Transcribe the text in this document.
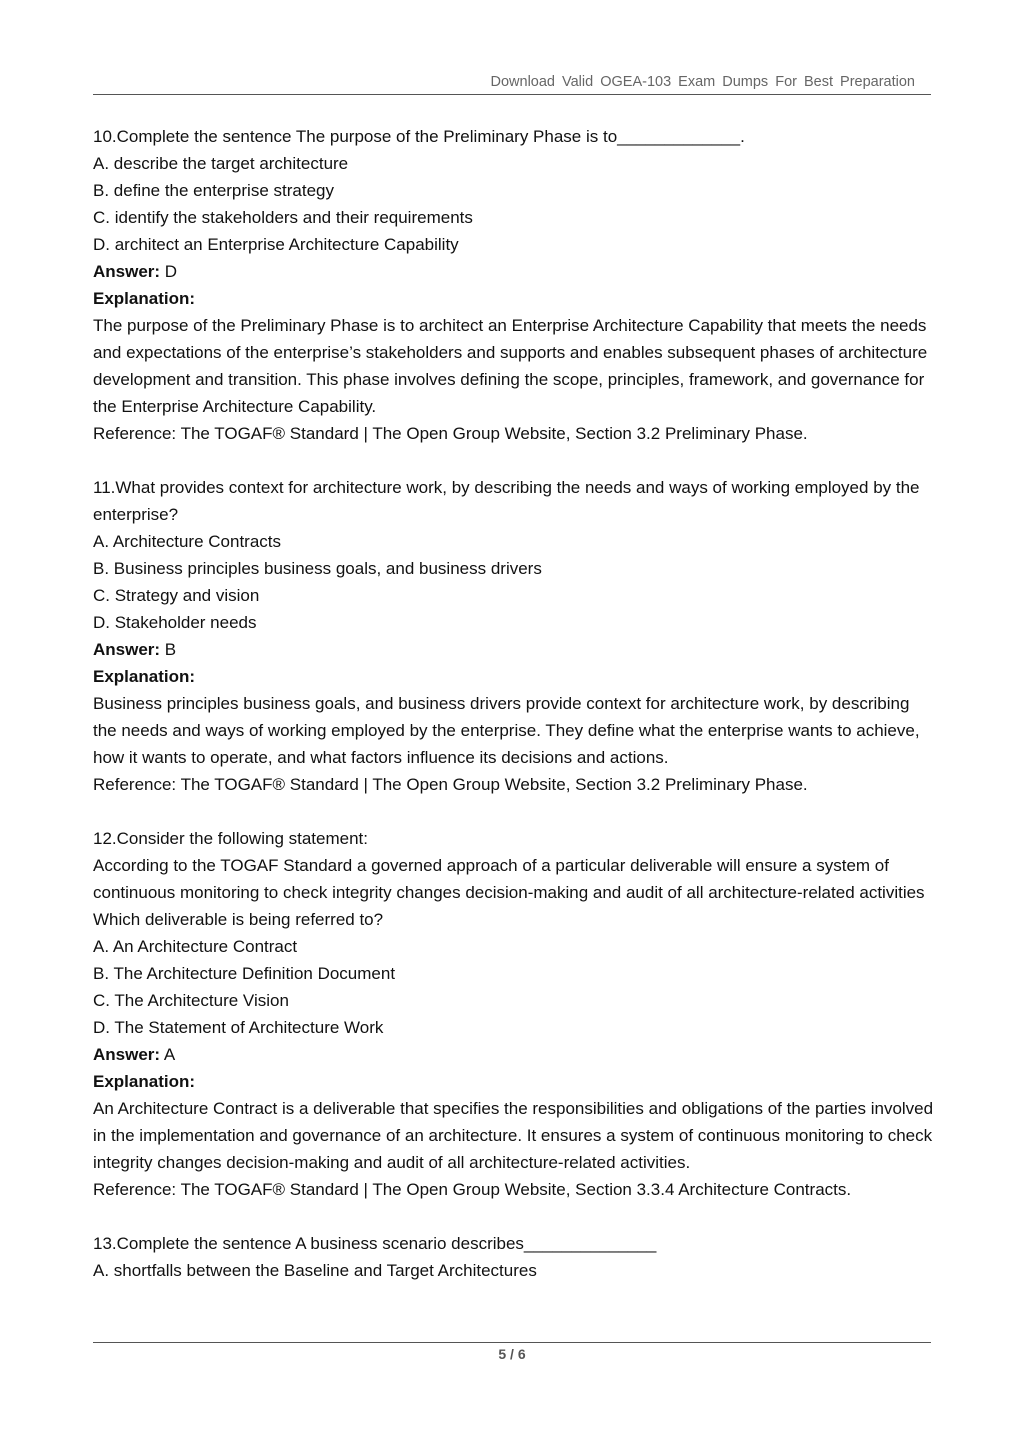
Download Valid OGEA-103 Exam Dumps For Best Preparation

10.Complete the sentence The purpose of the Preliminary Phase is to_____________.

A. describe the target architecture

B. define the enterprise strategy

C. identify the stakeholders and their requirements

D. architect an Enterprise Architecture Capability

Answer: D

Explanation:

The purpose of the Preliminary Phase is to architect an Enterprise Architecture Capability that meets the needs and expectations of the enterprise’s stakeholders and supports and enables subsequent phases of architecture development and transition. This phase involves defining the scope, principles, framework, and governance for the Enterprise Architecture Capability.

Reference: The TOGAF® Standard | The Open Group Website, Section 3.2 Preliminary Phase.

11.What provides context for architecture work, by describing the needs and ways of working employed by the enterprise?

A. Architecture Contracts

B. Business principles business goals, and business drivers

C. Strategy and vision

D. Stakeholder needs

Answer: B

Explanation:

Business principles business goals, and business drivers provide context for architecture work, by describing the needs and ways of working employed by the enterprise. They define what the enterprise wants to achieve, how it wants to operate, and what factors influence its decisions and actions.

Reference: The TOGAF® Standard | The Open Group Website, Section 3.2 Preliminary Phase.

12.Consider the following statement:

According to the TOGAF Standard a governed approach of a particular deliverable will ensure a system of continuous monitoring to check integrity changes decision-making and audit of all architecture-related activities

Which deliverable is being referred to?

A. An Architecture Contract

B. The Architecture Definition Document

C. The Architecture Vision

D. The Statement of Architecture Work

Answer: A

Explanation:

An Architecture Contract is a deliverable that specifies the responsibilities and obligations of the parties involved in the implementation and governance of an architecture. It ensures a system of continuous monitoring to check integrity changes decision-making and audit of all architecture-related activities.

Reference: The TOGAF® Standard | The Open Group Website, Section 3.3.4 Architecture Contracts.

13.Complete the sentence A business scenario describes______________

A. shortfalls between the Baseline and Target Architectures

5 / 6
